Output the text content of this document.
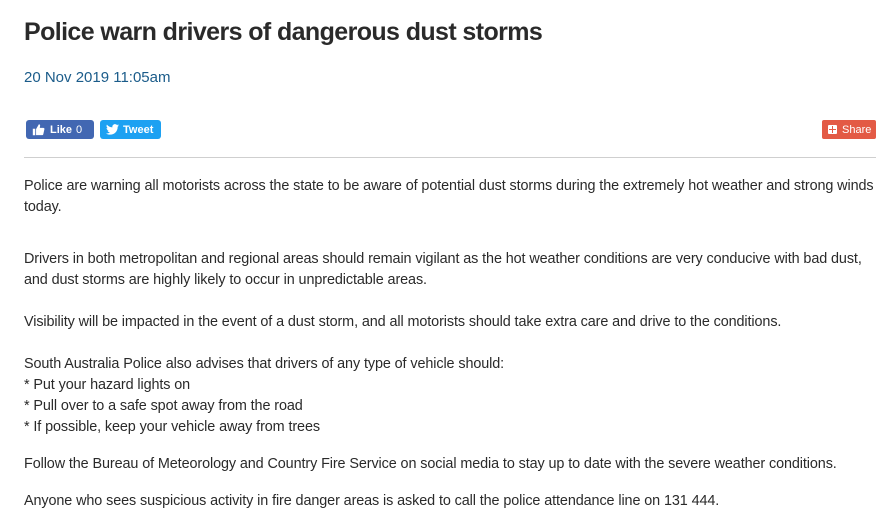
Police warn drivers of dangerous dust storms
20 Nov 2019 11:05am
Like 0	Tweet	Share

Police are warning all motorists across the state to be aware of potential dust storms during the extremely hot weather and strong winds today.

Drivers in both metropolitan and regional areas should remain vigilant as the hot weather conditions are very conducive with bad dust, and dust storms are highly likely to occur in unpredictable areas.

Visibility will be impacted in the event of a dust storm, and all motorists should take extra care and drive to the conditions.

South Australia Police also advises that drivers of any type of vehicle should:
* Put your hazard lights on
* Pull over to a safe spot away from the road
* If possible, keep your vehicle away from trees

Follow the Bureau of Meteorology and Country Fire Service on social media to stay up to date with the severe weather conditions.

Anyone who sees suspicious activity in fire danger areas is asked to call the police attendance line on 131 444.
